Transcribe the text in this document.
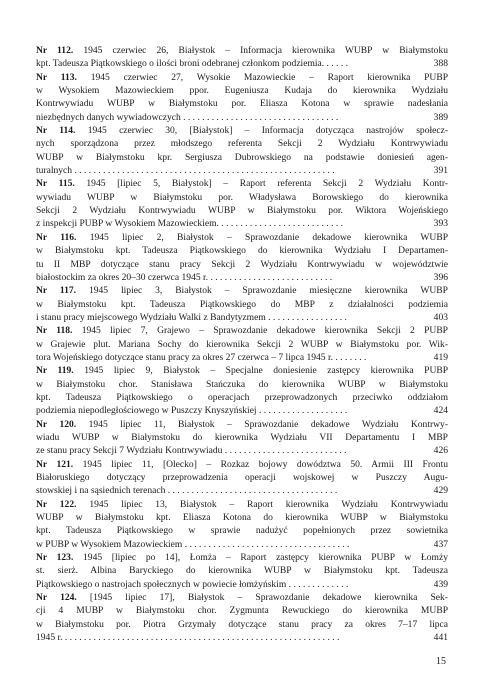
Nr 112. 1945 czerwiec 26, Białystok – Informacja kierownika WUBP w Białymstoku
kpt. Tadeusza Piątkowskiego o ilości broni odebranej członkom podziemia. . . . . .	388
Nr 113. 1945 czerwiec 27, Wysokie Mazowieckie – Raport kierownika PUBP
w Wysokiem Mazowieckiem ppor. Eugeniusza Kudaja do kierownika Wydziału
Kontrwywiadu WUBP w Białymstoku por. Eliasza Kotona w sprawie nadesłania
niezbędnych danych wywiadowczych . . . . . . . . . . . . . . . . . . . . . . . . . . . . . . . . .	389
Nr 114. 1945 czerwiec 30, [Białystok] – Informacja dotycząca nastrojów społecz-
nych sporządzona przez młodszego referenta Sekcji 2 Wydziału Kontrwywiadu
WUBP w Białymstoku kpr. Sergiusza Dubrowskiego na podstawie doniesień agen-
turalnych . . . . . . . . . . . . . . . . . . . . . . . . . . . . . . . . . . . . . . . . . . . . . . . . . . . . . . .	391
Nr 115. 1945 [lipiec 5, Białystok] – Raport referenta Sekcji 2 Wydziału Kontr-
wywiadu WUBP w Białymstoku por. Władysława Borowskiego do kierownika
Sekcji 2 Wydziału Kontrwywiadu WUBP w Białymstoku por. Wiktora Wojeńskiego
z inspekcji PUBP w Wysokiem Mazowieckiem. . . . . . . . . . . . . . . . . . . . . . . . . . .	393
Nr 116. 1945 lipiec 2, Białystok – Sprawozdanie dekadowe kierownika WUBP
w Białymstoku kpt. Tadeusza Piątkowskiego do kierownika Wydziału I Departamen-
tu II MBP dotyczące stanu pracy Sekcji 2 Wydziału Kontrwywiadu w województwie
białostockim za okres 20–30 czerwca 1945 r. . . . . . . . . . . . . . . . . . . . . . . . . . .	396
Nr 117. 1945 lipiec 3, Białystok – Sprawozdanie miesięczne kierownika WUBP
w Białymstoku kpt. Tadeusza Piątkowskiego do MBP z działalności podziemia
i stanu pracy miejscowego Wydziału Walki z Bandytyzmem . . . . . . . . . . . . . . . . .	403
Nr 118. 1945 lipiec 7, Grajewo – Sprawozdanie dekadowe kierownika Sekcji 2 PUBP
w Grajewie plut. Mariana Sochy do kierownika Sekcji 2 WUBP w Białymstoku por. Wik-
tora Wojeńskiego dotyczące stanu pracy za okres 27 czerwca – 7 lipca 1945 r. . . . . . . .	419
Nr 119. 1945 lipiec 9, Białystok – Specjalne doniesienie zastępcy kierownika PUBP
w Białymstoku chor. Stanisława Stańczuka do kierownika WUBP w Białymstoku
kpt. Tadeusza Piątkowskiego o operacjach przeprowadzonych przeciwko oddziałom
podziemia niepodległościowego w Puszczy Knyszyńskiej . . . . . . . . . . . . . . . . . . .	424
Nr 120. 1945 lipiec 11, Białystok – Sprawozdanie dekadowe Wydziału Kontrwy-
wiadu WUBP w Białymstoku do kierownika Wydziału VII Departamentu I MBP
ze stanu pracy Sekcji 7 Wydziału Kontrwywiadu . . . . . . . . . . . . . . . . . . . . . . . . . .	426
Nr 121. 1945 lipiec 11, [Olecko] – Rozkaz bojowy dowództwa 50. Armii III Frontu
Białoruskiego dotyczący przeprowadzenia operacji wojskowej w Puszczy Augu-
stowskiej i na sąsiednich terenach . . . . . . . . . . . . . . . . . . . . . . . . . . . . . . . . . . . .	429
Nr 122. 1945 lipiec 13, Białystok – Raport kierownika Wydziału Kontrwywiadu
WUBP w Białymstoku kpt. Eliasza Kotona do kierownika WUBP w Białymstoku
kpt. Tadeusza Piątkowskiego w sprawie nadużyć popełnionych przez sowietnika
w PUBP w Wysokiem Mazowieckiem . . . . . . . . . . . . . . . . . . . . . . . . . . . . . . . . . . .	437
Nr 123. 1945 [lipiec po 14], Łomża – Raport zastępcy kierownika PUBP w Łomży
st. sierż. Albina Baryckiego do kierownika WUBP w Białymstoku kpt. Tadeusza
Piątkowskiego o nastrojach społecznych w powiecie łomżyńskim . . . . . . . . . . . . .	439
Nr 124. [1945 lipiec 17], Białystok – Sprawozdanie dekadowe kierownika Sek-
cji 4 MUBP w Białymstoku chor. Zygmunta Rewuckiego do kierownika MUBP
w Białymstoku por. Piotra Grzymały dotyczące stanu pracy za okres 7–17 lipca
1945 r. . . . . . . . . . . . . . . . . . . . . . . . . . . . . . . . . . . . . . . . . . . . . . . . . . . . . . . . . . .	441
15
